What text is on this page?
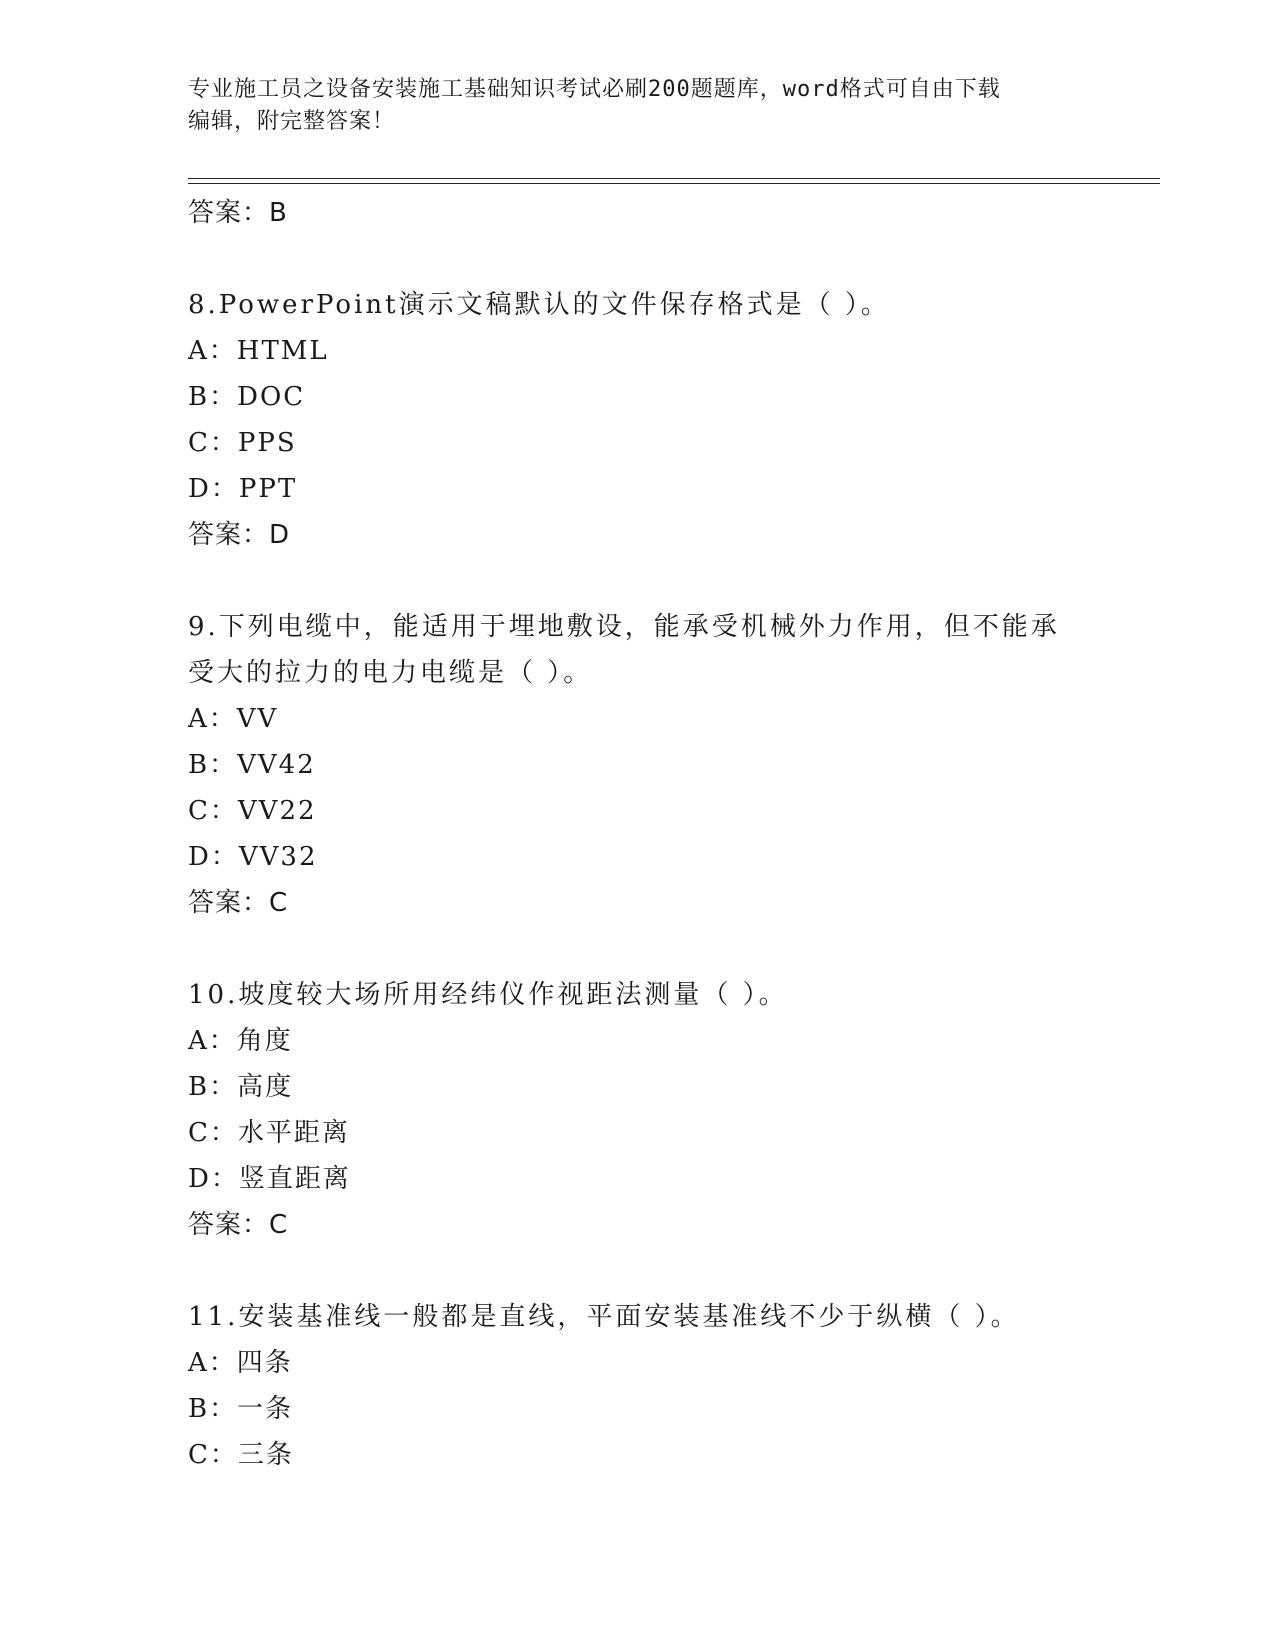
专业施工员之设备安装施工基础知识考试必刷200题题库，word格式可自由下载
编辑，附完整答案！
答案：B
8.PowerPoint演示文稿默认的文件保存格式是（ ）。
A：HTML
B：DOC
C：PPS
D：PPT
答案：D
9.下列电缆中，能适用于埋地敷设，能承受机械外力作用，但不能承
受大的拉力的电力电缆是（ ）。
A：VV
B：VV42
C：VV22
D：VV32
答案：C
10.坡度较大场所用经纬仪作视距法测量（ ）。
A：角度
B：高度
C：水平距离
D：竖直距离
答案：C
11.安装基准线一般都是直线，平面安装基准线不少于纵横（ ）。
A：四条
B：一条
C：三条
